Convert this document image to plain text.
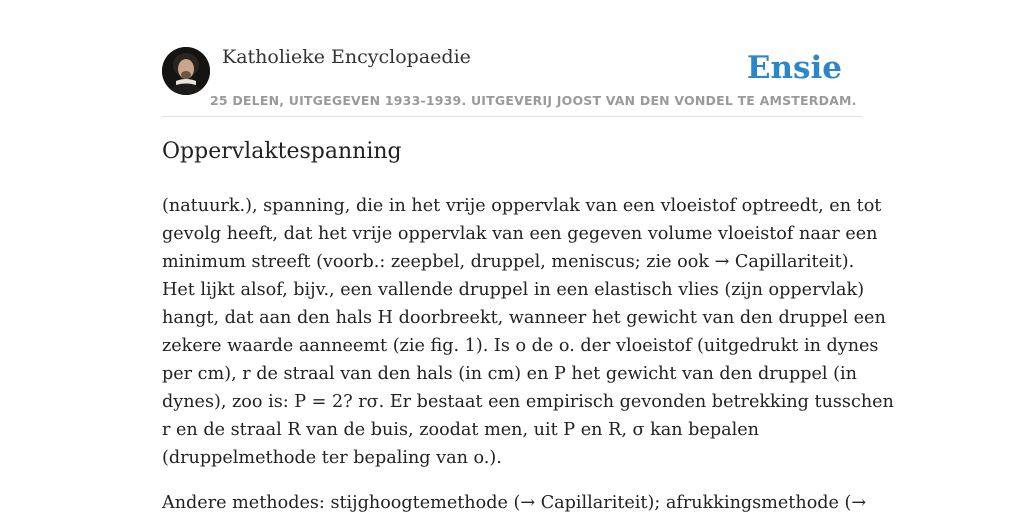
Katholieke Encyclopaedie
25 DELEN, UITGEGEVEN 1933-1939. UITGEVERIJ JOOST VAN DEN VONDEL TE AMSTERDAM.
Ensie
Oppervlaktespanning

(natuurk.), spanning, die in het vrije oppervlak van een vloeistof optreedt, en tot
gevolg heeft, dat het vrije oppervlak van een gegeven volume vloeistof naar een
minimum streeft (voorb.: zeepbel, druppel, meniscus; zie ook → Capillariteit).
Het lijkt alsof, bijv., een vallende druppel in een elastisch vlies (zijn oppervlak)
hangt, dat aan den hals H doorbreekt, wanneer het gewicht van den druppel een
zekere waarde aanneemt (zie fig. 1). Is o de o. der vloeistof (uitgedrukt in dynes
per cm), r de straal van den hals (in cm) en P het gewicht van den druppel (in
dynes), zoo is: P = 2? rσ. Er bestaat een empirisch gevonden betrekking tusschen
r en de straal R van de buis, zoodat men, uit P en R, σ kan bepalen
(druppelmethode ter bepaling van o.).

Andere methodes: stijghoogtemethode (→ Capillariteit); afrukkingsmethode (→
